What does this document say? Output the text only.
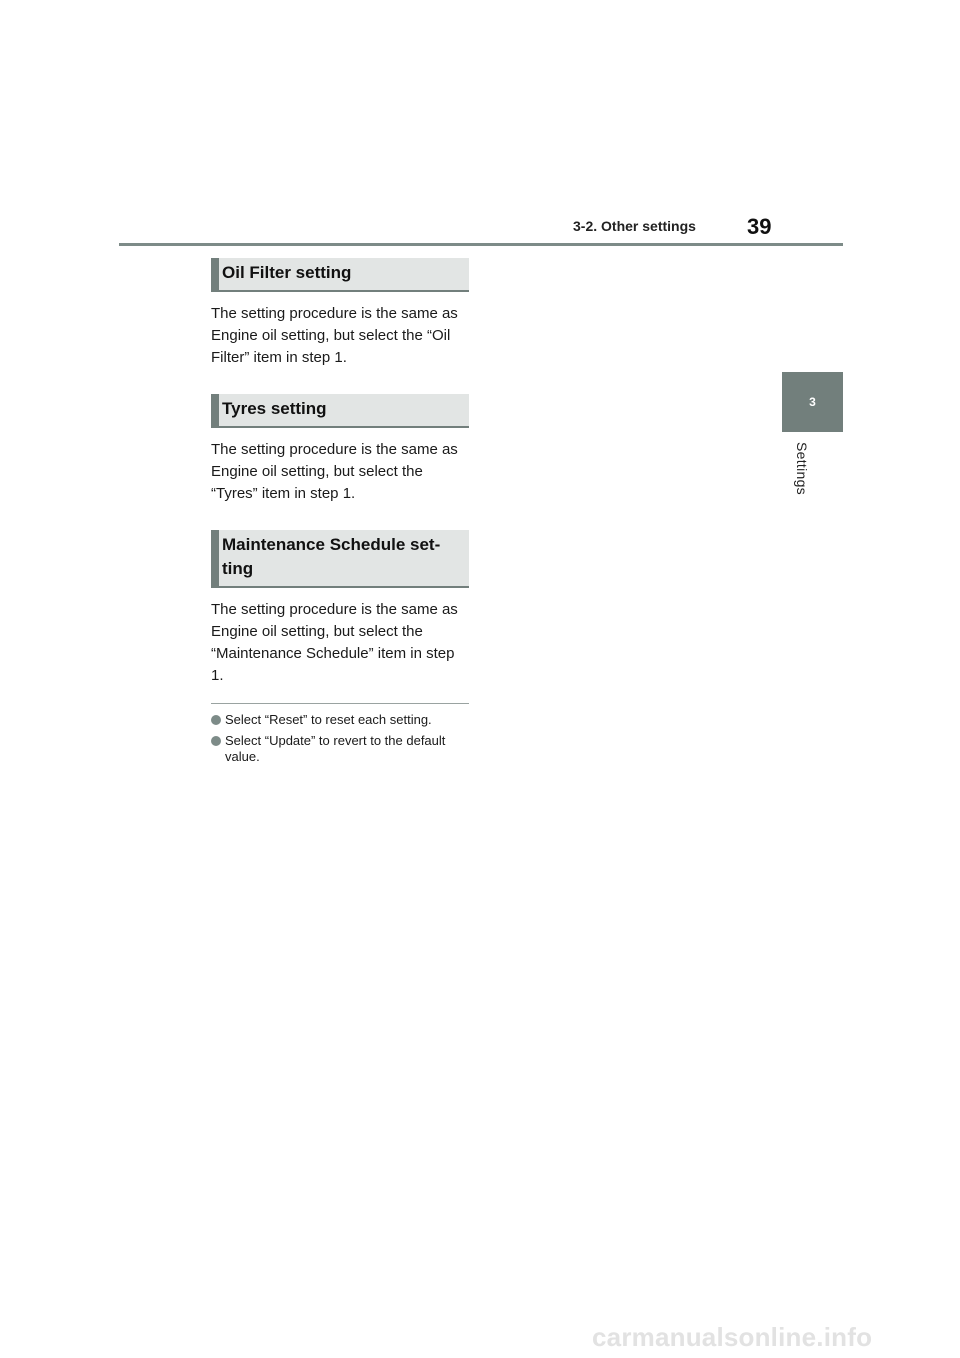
3-2. Other settings 39
3
Settings
Oil Filter setting

The setting procedure is the same as Engine oil setting, but select the “Oil Filter” item in step 1.

Tyres setting

The setting procedure is the same as Engine oil setting, but select the “Tyres” item in step 1.

Maintenance Schedule set-ting

The setting procedure is the same as Engine oil setting, but select the “Maintenance Schedule” item in step 1.

Select “Reset” to reset each setting.
Select “Update” to revert to the default value.
carmanualsonline.info
